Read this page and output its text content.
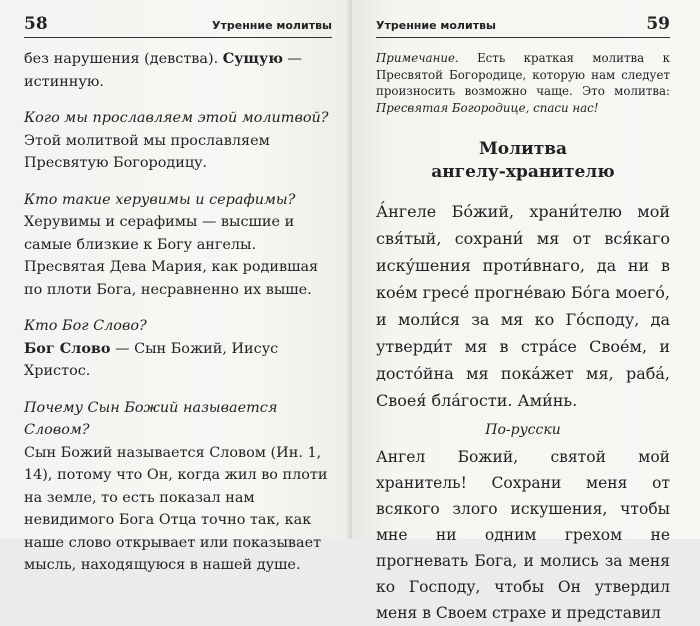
58	Утренние молитвы

без нарушения (девства). Сущую — истинную.

Кого мы прославляем этой молитвой?

Этой молитвой мы прославляем Пресвятую Богородицу.

Кто такие херувимы и серафимы?

Херувимы и серафимы — высшие и самые близкие к Богу ангелы. Пресвятая Дева Мария, как родившая по плоти Бога, несравненно их выше.

Кто Бог Слово?

Бог Слово — Сын Божий, Иисус Христос.

Почему Сын Божий называется Словом?

Сын Божий называется Словом (Ин. 1, 14), потому что Он, когда жил во плоти на земле, то есть показал нам невидимого Бога Отца точно так, как наше слово открывает или показывает мысль, находящуюся в нашей душе.

Утренние молитвы	59

Примечание. Есть краткая молитва к Пресвятой Богородице, которую нам следует произносить возможно чаще. Это молитва: Пресвятая Богородице, спаси нас!

Молитва
ангелу-хранителю

А́нгеле Бо́жий, храни́телю мой свя́тый, сохрани́ мя от вся́каго иску́шения проти́внаго, да ни в коéм гресе́ прогнéваю Бо́га моего́, и моли́ся за мя ко Го́споду, да утверди́т мя в стра́се Своéм, и досто́йна мя пока́жет мя, раба́, Своея́ бла́гости. Ами́нь.

По-русски

Ангел Божий, святой мой хранитель! Сохрани меня от всякого злого искушения, чтобы мне ни одним грехом не прогневать Бога, и молись за меня ко Господу, чтобы Он утвердил меня в Своем страхе и представил
